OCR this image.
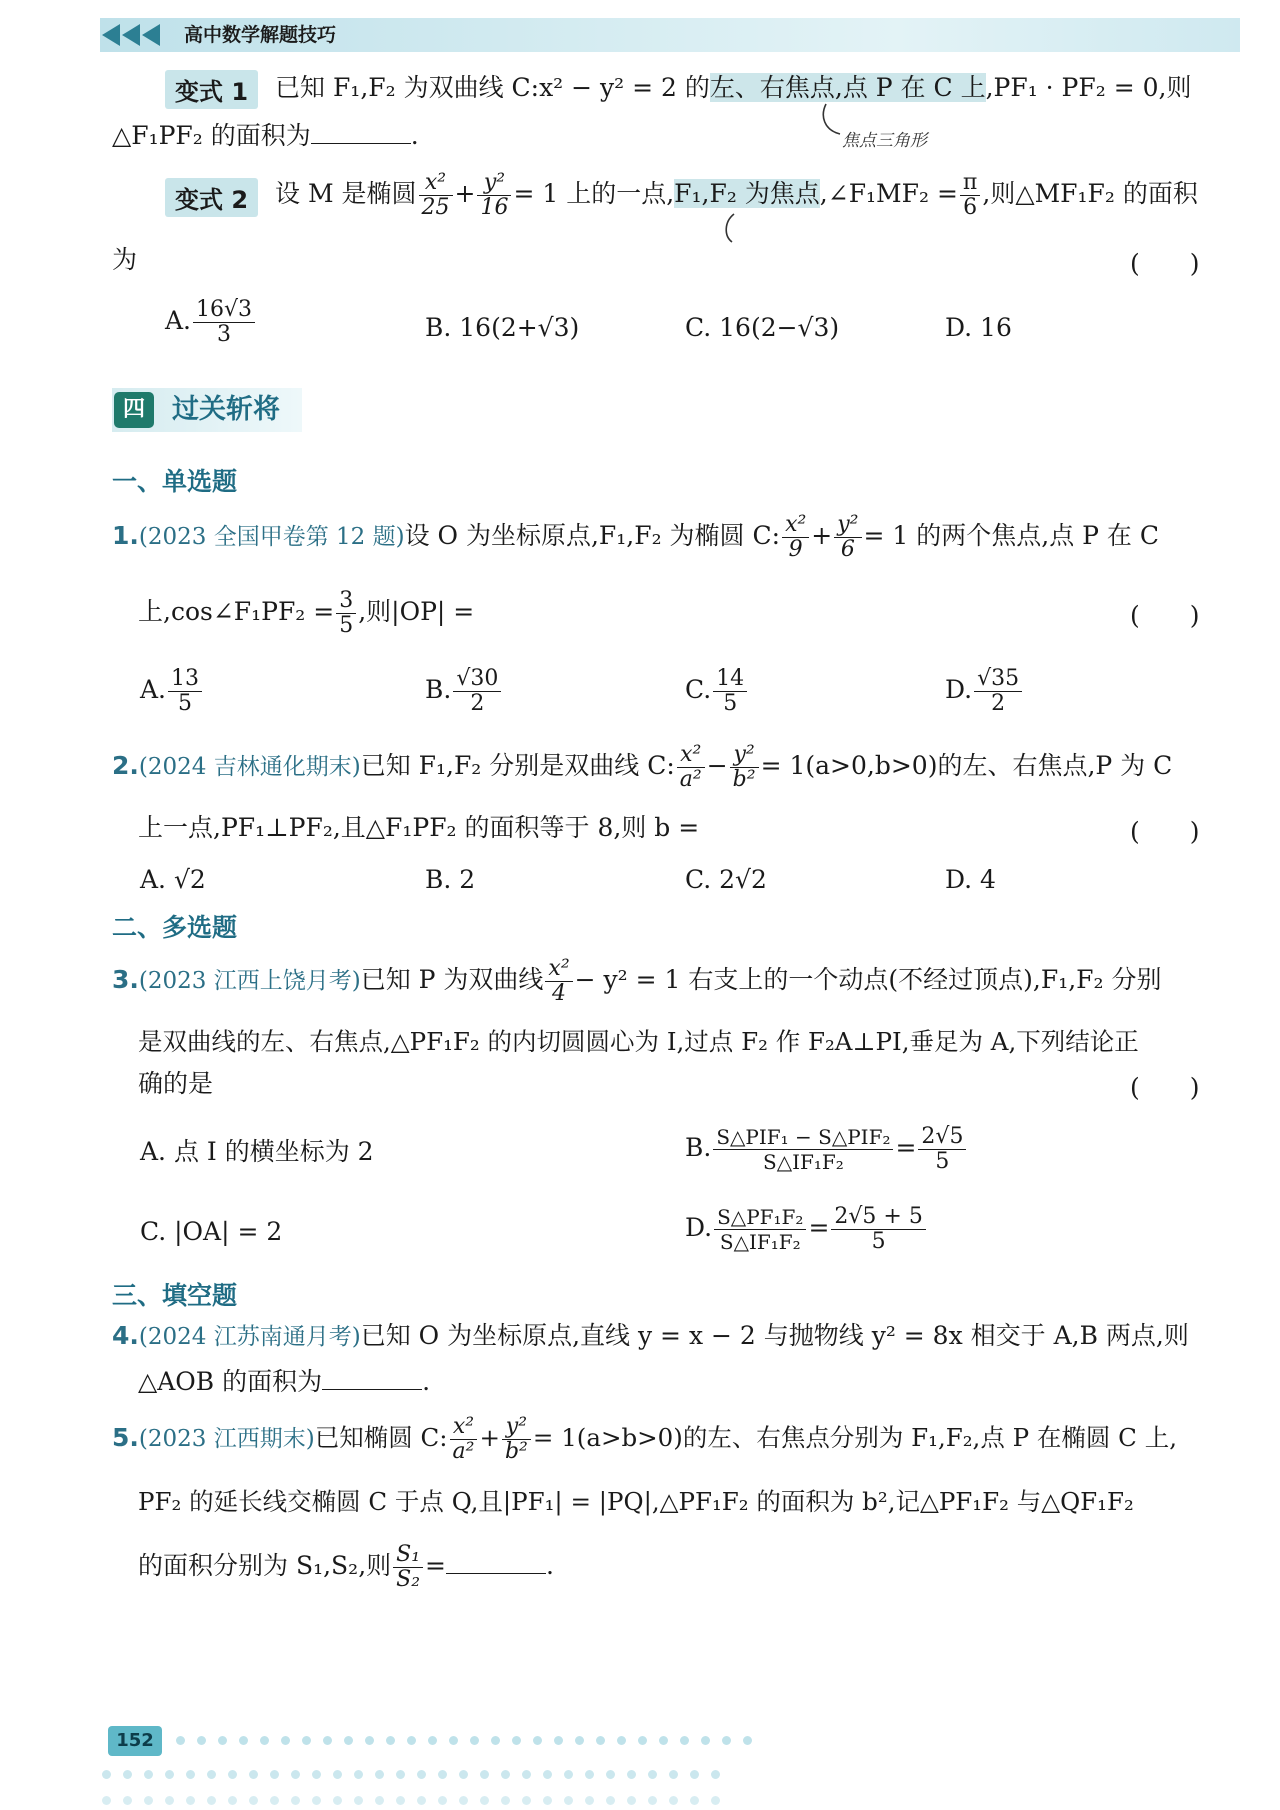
高中数学解题技巧
变式 1	已知 F₁,F₂ 为双曲线 C:x² − y² = 2 的左、右焦点,点 P 在 C 上,PF₁ · PF₂ = 0,则
△F₁PF₂ 的面积为	.	焦点三角形
变式 2	设 M 是椭圆 $\frac{\text{x²}}{25} + \frac{\text{y²}}{16} = 1$ 上的一点,F₁,F₂ 为焦点,∠F₁MF₂ = $\frac{\pi}{6}$ ,则△MF₁F₂ 的面积
为	(　　)
A. $\frac{16√3}{3}$	B. 16(2+√3)	C. 16(2−√3)	D. 16
四	过关斩将
一、单选题
1.(2023 全国甲卷第 12 题)设 O 为坐标原点,F₁,F₂ 为椭圆 C: $\frac{\text{x²}}{9} + \frac{\text{y²}}{6} = 1$ 的两个焦点,点 P 在 C
上,cos∠F₁PF₂ = $\frac{3}{5}$ ,则|OP| =	(　　)
A. $\frac{13}{5}$	B. $\frac{√30}{2}$	C. $\frac{14}{5}$	D. $\frac{√35}{2}$
2.(2024 吉林通化期末)已知 F₁,F₂ 分别是双曲线 C: $\frac{\text{x²}}{\text{a²}} - \frac{\text{y²}}{\text{b²}} = 1(a>0,b>0)$的左、右焦点,P 为 C
上一点,PF₁⊥PF₂,且△F₁PF₂ 的面积等于 8,则 b =	(　　)
A. √2	B. 2	C. 2√2	D. 4
二、多选题
3.(2023 江西上饶月考)已知 P 为双曲线 $\frac{\text{x²}}{4} - y^2 = 1$ 右支上的一个动点(不经过顶点),F₁,F₂ 分别
是双曲线的左、右焦点,△PF₁F₂ 的内切圆圆心为 I,过点 F₂ 作 F₂A⊥PI,垂足为 A,下列结论正
确的是	(　　)
A. 点 I 的横坐标为 2	B. $\frac{\text{S△PIF₁ − S△PIF₂}}{\text{S△IF₁F₂}} = \frac{2√5}{5}$
C. |OA| = 2	D. $\frac{\text{S△PF₁F₂}}{\text{S△IF₁F₂}} = \frac{2√5 + 5}{5}$
三、填空题
4.(2024 江苏南通月考)已知 O 为坐标原点,直线 y = x − 2 与抛物线 y² = 8x 相交于 A,B 两点,则
△AOB 的面积为	.
5.(2023 江西期末)已知椭圆 C: $\frac{\text{x²}}{\text{a²}} + \frac{\text{y²}}{\text{b²}} = 1(a>b>0)$的左、右焦点分别为 F₁,F₂,点 P 在椭圆 C 上,
PF₂ 的延长线交椭圆 C 于点 Q,且|PF₁| = |PQ|,△PF₁F₂ 的面积为 b²,记△PF₁F₂ 与△QF₁F₂
的面积分别为 S₁,S₂,则 $\frac{\text{S₁}}{\text{S₂}}$ =	.
152
